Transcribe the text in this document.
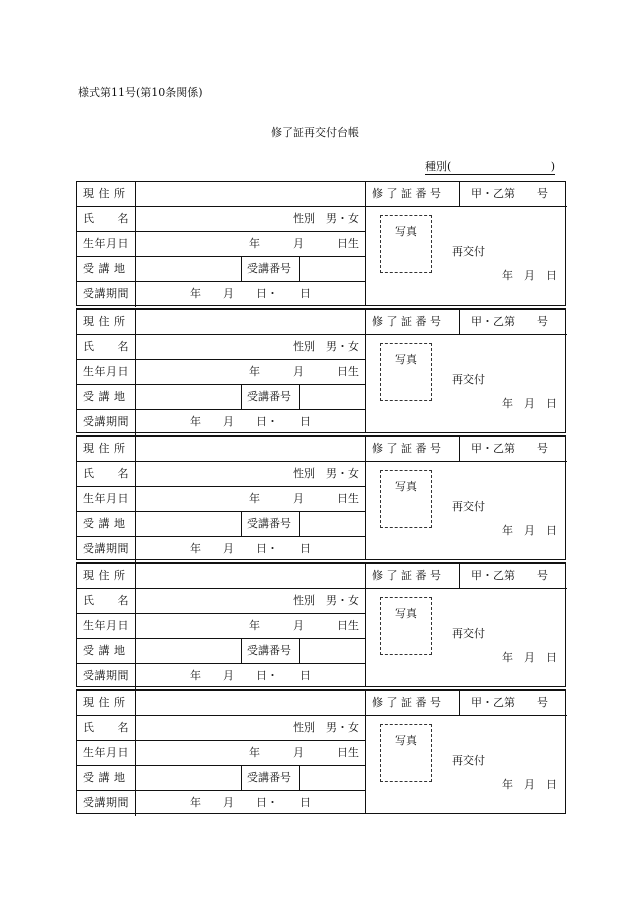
様式第11号(第10条関係)
修了証再交付台帳
種別(	)
現 住 所	修 了 証 番 号	甲・乙第　　号
氏　　名	性別　男・女
生年月日	年　　　月　　　日生
受 講 地	受講番号
受講期間	年　　月　　日・　　日
写真
再交付
年　月　日
現 住 所	修 了 証 番 号	甲・乙第　　号
氏　　名	性別　男・女
生年月日	年　　　月　　　日生
受 講 地	受講番号
受講期間	年　　月　　日・　　日
写真
再交付
年　月　日
現 住 所	修 了 証 番 号	甲・乙第　　号
氏　　名	性別　男・女
生年月日	年　　　月　　　日生
受 講 地	受講番号
受講期間	年　　月　　日・　　日
写真
再交付
年　月　日
現 住 所	修 了 証 番 号	甲・乙第　　号
氏　　名	性別　男・女
生年月日	年　　　月　　　日生
受 講 地	受講番号
受講期間	年　　月　　日・　　日
写真
再交付
年　月　日
現 住 所	修 了 証 番 号	甲・乙第　　号
氏　　名	性別　男・女
生年月日	年　　　月　　　日生
受 講 地	受講番号
受講期間	年　　月　　日・　　日
写真
再交付
年　月　日
